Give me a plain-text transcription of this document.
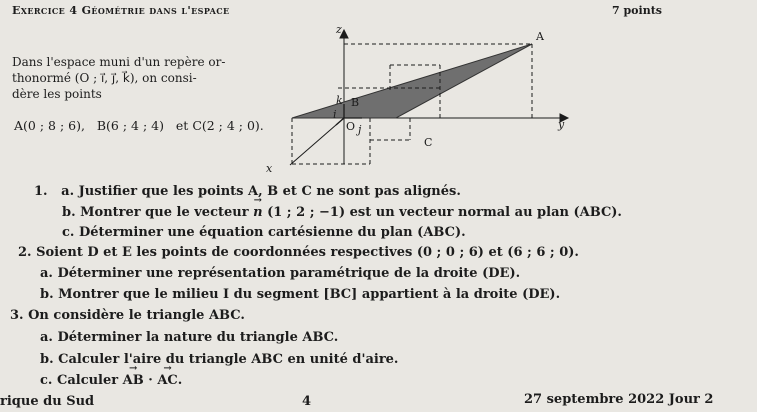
Exercice 4 Géométrie dans l'espace	7 points
Dans l'espace muni d'un repère or-
thonormé (O ; i⃗, j⃗, k⃗), on consi-
dère les points
A(0 ; 8 ; 6), B(6 ; 4 ; 4) et C(2 ; 4 ; 0).
z
y
x
A
B
C
O
i
j
k
1. a. Justifier que les points A, B et C ne sont pas alignés.
b. Montrer que le vecteur → n (1 ; 2 ; −1) est un vecteur normal au plan (ABC).
c. Déterminer une équation cartésienne du plan (ABC).
2. Soient D et E les points de coordonnées respectives (0 ; 0 ; 6) et (6 ; 6 ; 0).
a. Déterminer une représentation paramétrique de la droite (DE).
b. Montrer que le milieu I du segment [BC] appartient à la droite (DE).
3. On considère le triangle ABC.
a. Déterminer la nature du triangle ABC.
b. Calculer l'aire du triangle ABC en unité d'aire.
c. Calculer → AB · → AC.
rique du Sud	4	27 septembre 2022 Jour 2
